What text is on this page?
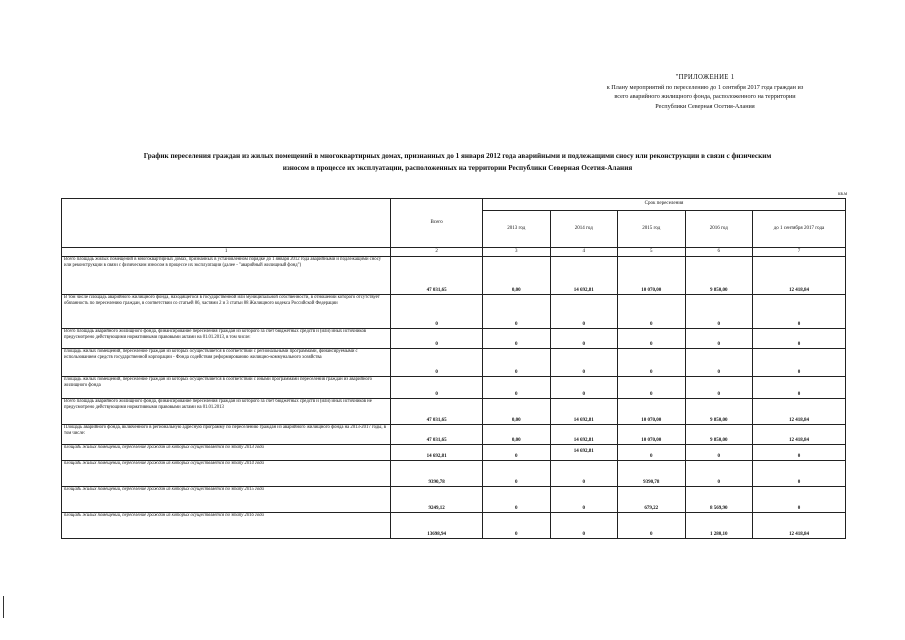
"ПРИЛОЖЕНИЕ 1
к Плану мероприятий по переселению до 1 сентября 2017 года граждан из
всего аварийного жилищного фонда, расположенного на территории
Республики Северная Осетия-Алания
График переселения граждан из жилых помещений в многоквартирных домах, признанных до 1 января 2012 года аварийными и подлежащими сносу или реконструкции в связи с физическим
износом в процессе их эксплуатации, расположенных на территории Республики Северная Осетия-Алания
кв.м
	Всего	Срок переселения				
		2013 год	2014 год	2015 год	2016 год	до 1 сентября 2017 года
1	2	3	4	5	6	7
Всего площадь жилых помещений в многоквартирных домах, признанных в установленном порядке до 1 января 2012 года аварийными и подлежащими сносу или реконструкции в связи с физическим износом в процессе их эксплуатации (далее - "аварийный жилищный фонд")	47 031,65	0,00	14 692,81	10 070,00	9 850,00	12 418,84
В том числе площадь аварийного жилищного фонда, находящегося в государственной или муниципальной собственности, в отношении которого отсутствует обязанность по переселению граждан, в соответствии со статьей 86, частями 2 и 3 статьи 88 Жилищного кодекса Российской Федерации	0	0	0	0	0	0
Всего площадь аварийного жилищного фонда, финансирование переселения граждан из которого за счет бюджетных средств и (или) иных источников предусмотрено действующими нормативными правовыми актами на 01.01.2013, в том числе:	0	0	0	0	0	0
площадь жилых помещений, переселение граждан из которых осуществляется в соответствии с региональными программами, финансируемыми с использованием средств государственной корпорации - Фонда содействия реформированию жилищно-коммунального хозяйства	0	0	0	0	0	0
площадь жилых помещений, переселение граждан из которых осуществляется в соответствии с иными программами переселения граждан из аварийного жилищного фонда	0	0	0	0	0	0
Всего площадь аварийного жилищного фонда, финансирование переселения граждан из которого за счет бюджетных средств и (или) иных источников не предусмотрено действующими нормативными правовыми актами на 01.01.2013	47 031,65	0,00	14 692,81	10 070,00	9 850,00	12 418,84
Площадь аварийного фонда, включенного в региональную адресную программу по переселению граждан из аварийного жилищного фонда на 2013-2017 годы, в том числе:	47 031,65	0,00	14 692,81	10 070,00	9 850,00	12 418,84
площадь жилых помещений, переселение граждан из которых осуществляется по этапу 2013 года	14 692,81	0	14 692,81	0	0	0
площадь жилых помещений, переселение граждан из которых осуществляется по этапу 2014 года	9390,78	0	0	9390,78	0	0
площадь жилых помещений, переселение граждан из которых осуществляется по этапу 2015 года	9249,12	0	0	679,22	8 569,90	0
площадь жилых помещений, переселение граждан из которых осуществляется по этапу 2016 года	13698,94	0	0	0	1 280,10	12 418,84
